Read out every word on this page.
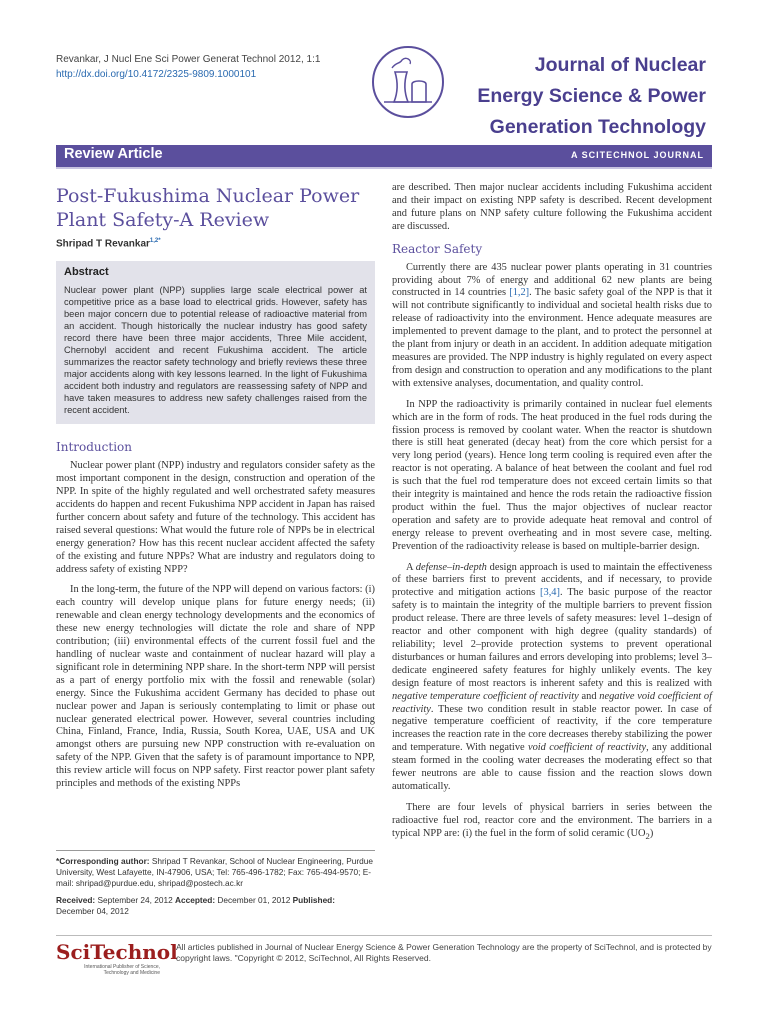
Revankar, J Nucl Ene Sci Power Generat Technol 2012, 1:1
http://dx.doi.org/10.4172/2325-9809.1000101	Journal of Nuclear
Energy Science & Power
Generation Technology
Review Article	A SCITECHNOL JOURNAL
Post-Fukushima Nuclear Power Plant Safety-A Review
Shripad T Revankar$^{1,2*}$
Abstract

Nuclear power plant (NPP) supplies large scale electrical power at competitive price as a base load to electrical grids. However, safety has been major concern due to potential release of radioactive material from an accident. Though historically the nuclear industry has good safety record there have been three major accidents, Three Mile accident, Chernobyl accident and recent Fukushima accident. The article summarizes the reactor safety technology and briefly reviews these three major accidents along with key lessons learned. In the light of Fukushima accident both industry and regulators are reassessing safety of NPP and have taken measures to address new safety challenges raised from the recent accident.

Introduction

Nuclear power plant (NPP) industry and regulators consider safety as the most important component in the design, construction and operation of the NPP. In spite of the highly regulated and well orchestrated safety measures accidents do happen and recent Fukushima NPP accident in Japan has raised further concern about safety and future of the technology. This accident has raised several questions: What would the future role of NPPs be in electrical energy generation? How has this recent nuclear accident affected the safety of the existing and future NPPs? What are industry and regulators doing to address safety of existing NPP?

In the long-term, the future of the NPP will depend on various factors: (i) each country will develop unique plans for future energy needs; (ii) renewable and clean energy technology developments and the economics of these new energy technologies will dictate the role and share of NPP contribution; (iii) environmental effects of the current fossil fuel and the handling of nuclear waste and containment of nuclear hazard will play a significant role in determining NPP share. In the short-term NPP will persist as a part of energy portfolio mix with the fossil and renewable (solar) energy. Since the Fukushima accident Germany has decided to phase out nuclear power and Japan is seriously contemplating to limit or phase out nuclear generated electrical power. However, several countries including China, Finland, France, India, Russia, South Korea, UAE, USA and UK amongst others are pursuing new NPP construction with re-evaluation on safety of the NPP. Given that the safety is of paramount importance to NPP, this review article will focus on NPP safety. First reactor power plant safety principles and methods of the existing NPPs

are described. Then major nuclear accidents including Fukushima accident and their impact on existing NPP safety is described. Recent development and future plans on NNP safety culture following the Fukushima accident are discussed.

Reactor Safety

Currently there are 435 nuclear power plants operating in 31 countries providing about 7% of energy and additional 62 new plants are being constructed in 14 countries [1,2]. The basic safety goal of the NPP is that it will not contribute significantly to individual and societal health risks due to release of radioactivity into the environment. Hence adequate measures are implemented to prevent damage to the plant, and to protect the personnel at the plant from injury or death in an accident. In addition adequate mitigation measures are provided. The NPP industry is highly regulated on every aspect from design and construction to operation and any modifications to the plant with extensive analyses, documentation, and quality control.

In NPP the radioactivity is primarily contained in nuclear fuel elements which are in the form of rods. The heat produced in the fuel rods during the fission process is removed by coolant water. When the reactor is shutdown there is still heat generated (decay heat) from the core which persist for a very long period (years). Hence long term cooling is required even after the reactor is not operating. A balance of heat between the coolant and fuel rod is such that the fuel rod temperature does not exceed certain limits so that their integrity is maintained and hence the rods retain the radioactive fission product within the fuel. Thus the major objectives of nuclear reactor operation and safety are to provide adequate heat removal and control of energy release to prevent overheating and in most severe case, melting. Prevention of the radioactivity release is based on multiple-barrier design.

A defense–in-depth design approach is used to maintain the effectiveness of these barriers first to prevent accidents, and if necessary, to provide protective and mitigation actions [3,4]. The basic purpose of the reactor safety is to maintain the integrity of the multiple barriers to prevent fission product release. There are three levels of safety measures: level 1–design of reactor and other component with high degree (quality standards) of reliability; level 2–provide protection systems to prevent operational disturbances or human failures and errors developing into problems; level 3–dedicate engineered safety features for highly unlikely events. The key design feature of most reactors is inherent safety and this is realized with negative temperature coefficient of reactivity and negative void coefficient of reactivity. These two condition result in stable reactor power. In case of negative temperature coefficient of reactivity, if the core temperature increases the reaction rate in the core decreases thereby stabilizing the power and temperature. With negative void coefficient of reactivity, any additional steam formed in the cooling water decreases the moderating effect so that fewer neutrons are able to cause fission and the reaction slows down automatically.

There are four levels of physical barriers in series between the radioactive fuel rod, reactor core and the environment. The barriers in a typical NPP are: (i) the fuel in the form of solid ceramic $(UO_2)$

*Corresponding author: Shripad T Revankar, School of Nuclear Engineering, Purdue University, West Lafayette, IN-47906, USA; Tel: 765-496-1782; Fax: 765-494-9570; E-mail: shripad@purdue.edu, shripad@postech.ac.kr
Received: September 24, 2012 Accepted: December 01, 2012 Published: December 04, 2012
SciTechnol
International Publisher of Science,
Technology and Medicine
All articles published in Journal of Nuclear Energy Science & Power Generation Technology are the property of SciTechnol, and is protected by copyright laws. "Copyright © 2012, SciTechnol, All Rights Reserved.
